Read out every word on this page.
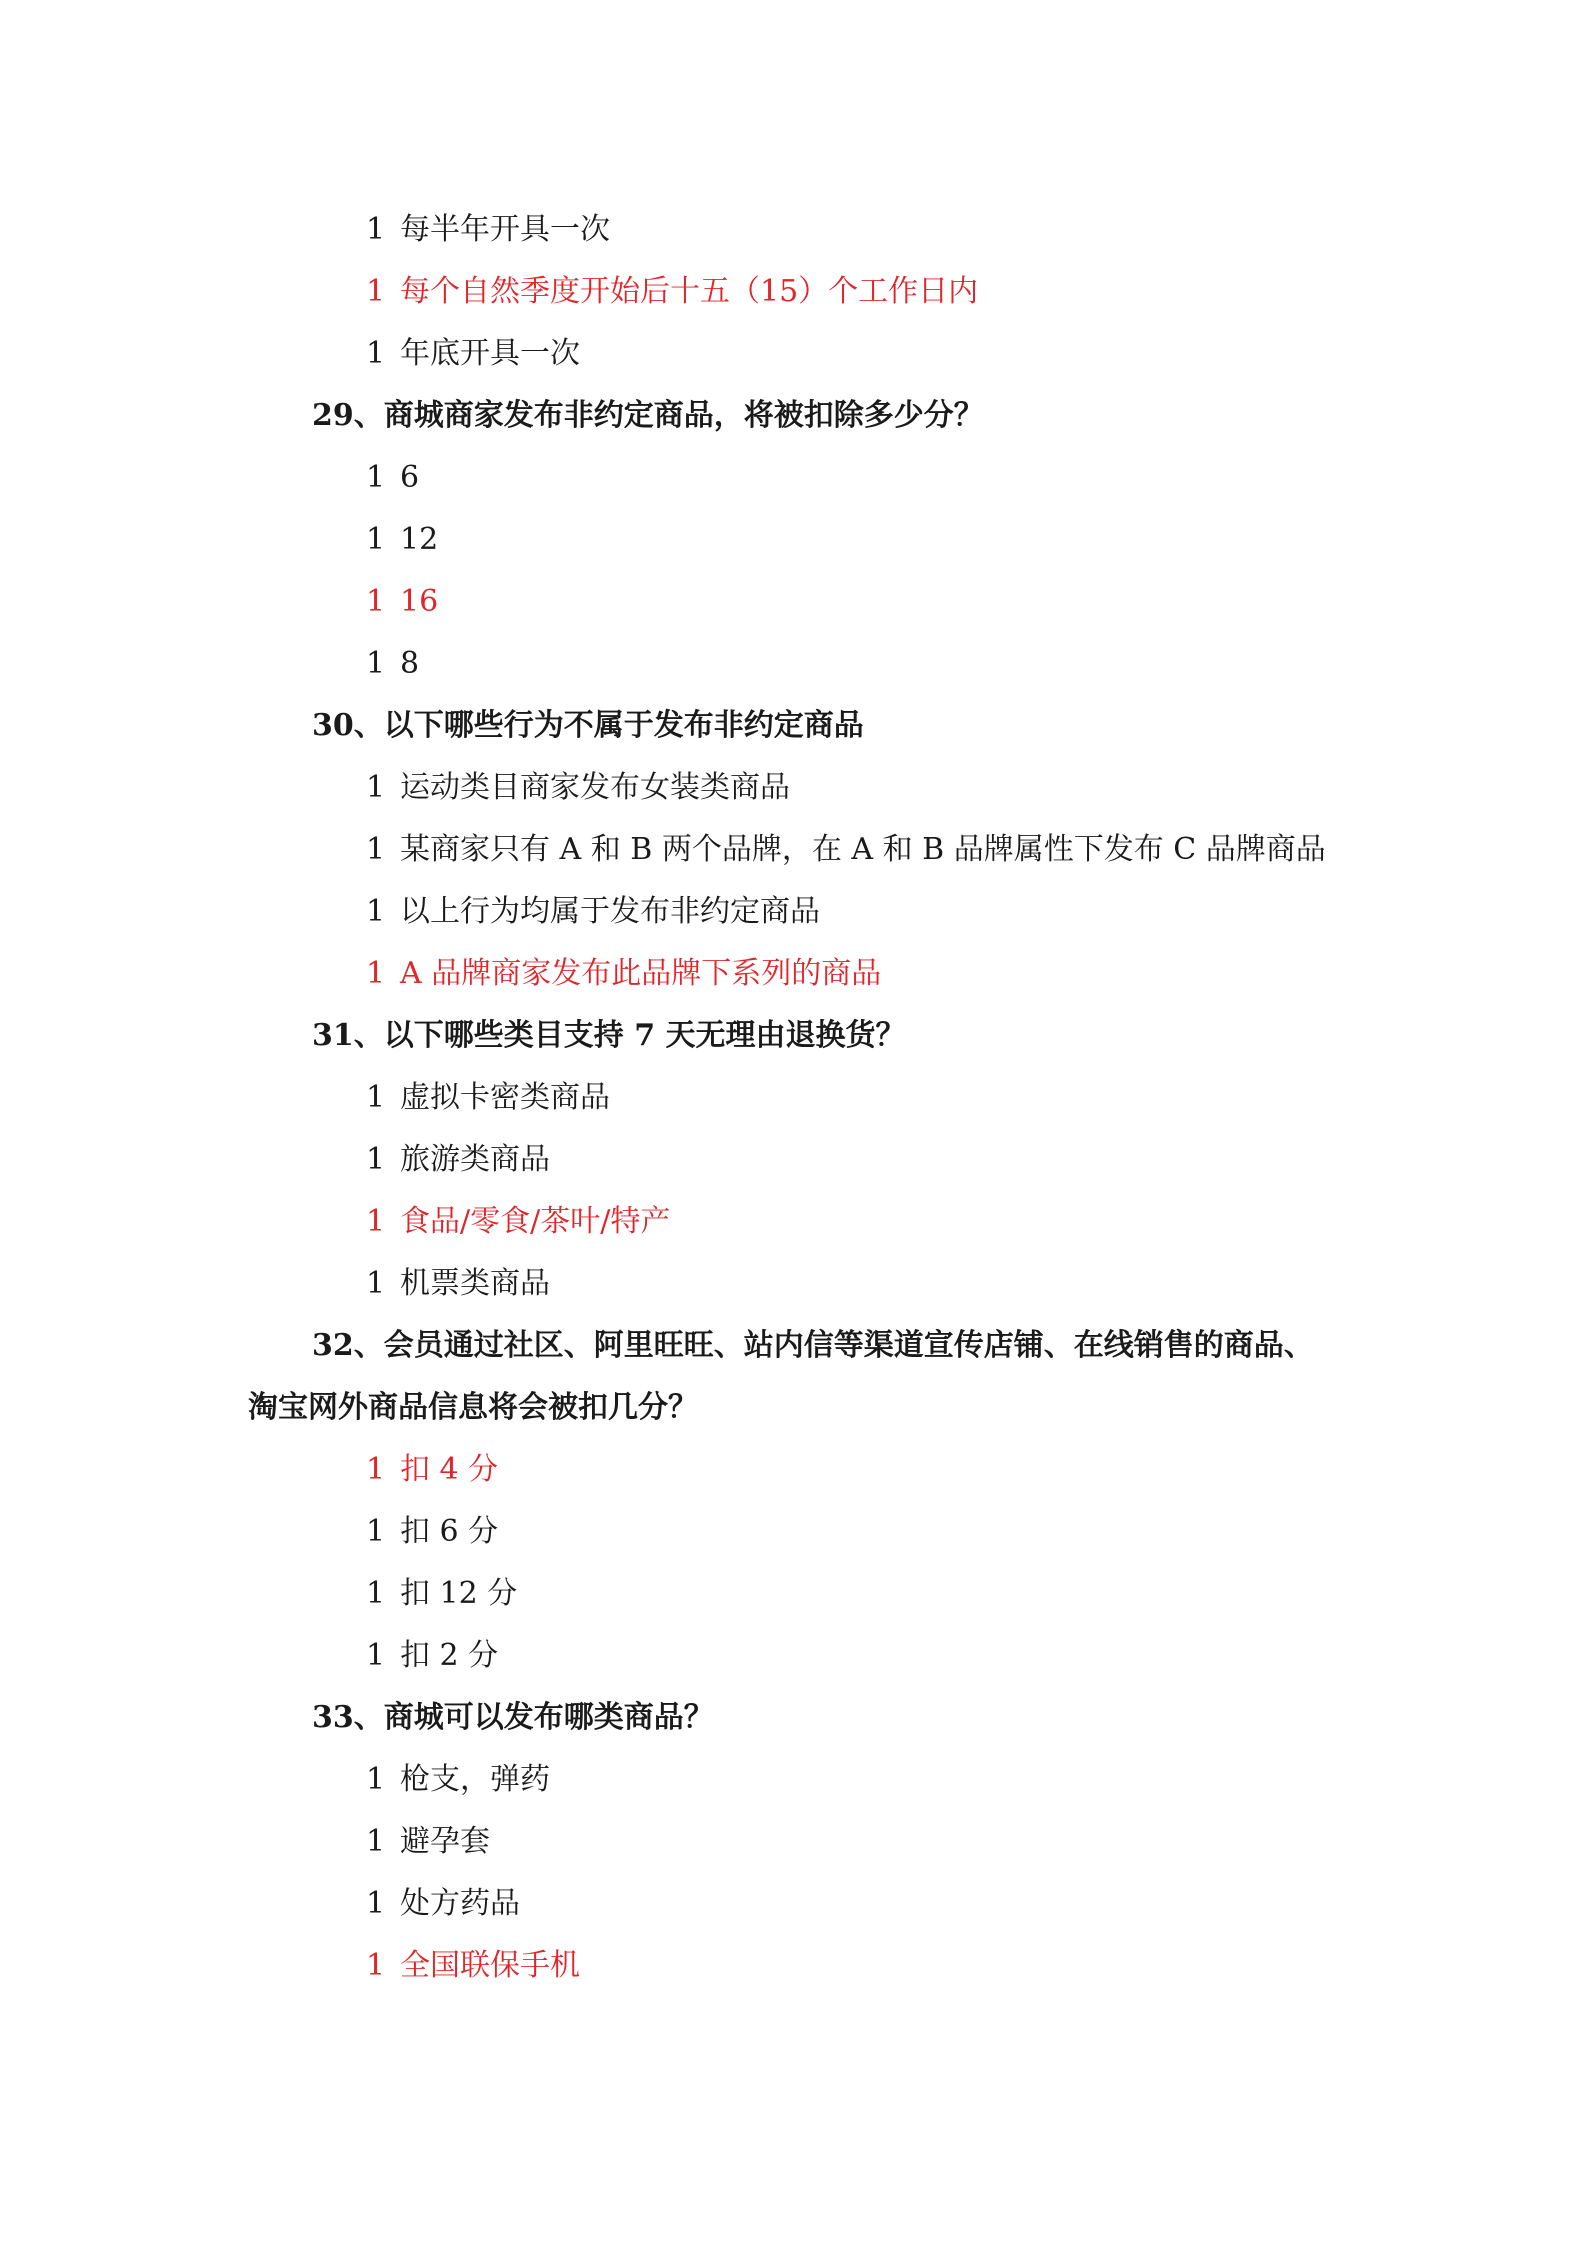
1 每半年开具一次
1 每个自然季度开始后十五（15）个工作日内
1 年底开具一次
29、商城商家发布非约定商品，将被扣除多少分？
1 6
1 12
1 16
1 8
30、以下哪些行为不属于发布非约定商品
1 运动类目商家发布女装类商品
1 某商家只有 A 和 B 两个品牌，在 A 和 B 品牌属性下发布 C 品牌商品
1 以上行为均属于发布非约定商品
1 A 品牌商家发布此品牌下系列的商品
31、以下哪些类目支持 7 天无理由退换货？
1 虚拟卡密类商品
1 旅游类商品
1 食品/零食/茶叶/特产
1 机票类商品
32、会员通过社区、阿里旺旺、站内信等渠道宣传店铺、在线销售的商品、
淘宝网外商品信息将会被扣几分？
1 扣 4 分
1 扣 6 分
1 扣 12 分
1 扣 2 分
33、商城可以发布哪类商品？
1 枪支，弹药
1 避孕套
1 处方药品
1 全国联保手机
